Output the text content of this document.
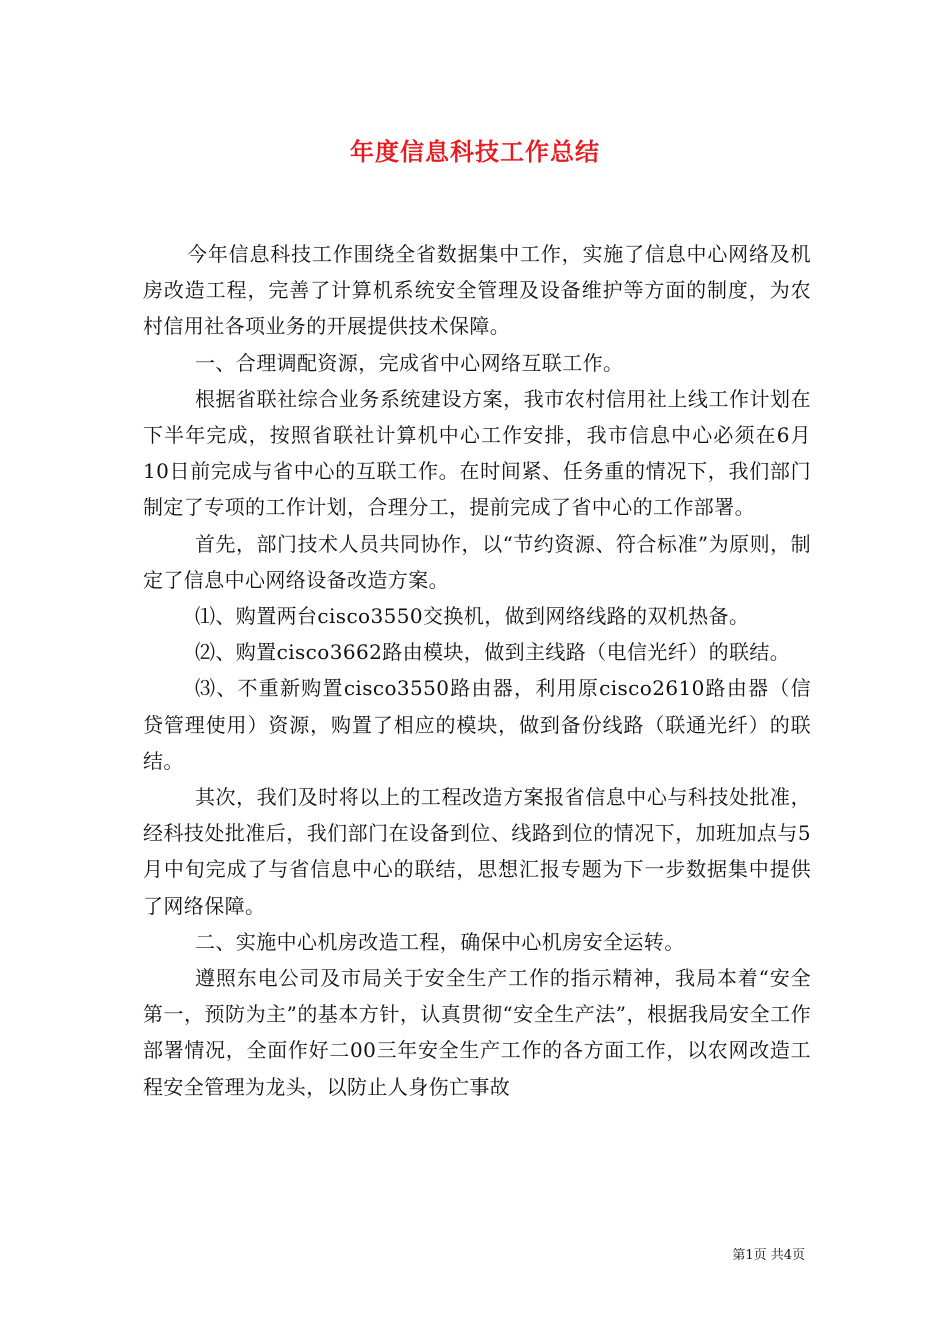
年度信息科技工作总结

今年信息科技工作围绕全省数据集中工作，实施了信息中心网络及机房改造工程，完善了计算机系统安全管理及设备维护等方面的制度，为农村信用社各项业务的开展提供技术保障。

一、合理调配资源，完成省中心网络互联工作。

根据省联社综合业务系统建设方案，我市农村信用社上线工作计划在下半年完成，按照省联社计算机中心工作安排，我市信息中心必须在6月10日前完成与省中心的互联工作。在时间紧、任务重的情况下，我们部门制定了专项的工作计划，合理分工，提前完成了省中心的工作部署。

首先，部门技术人员共同协作，以“节约资源、符合标准”为原则，制定了信息中心网络设备改造方案。

⑴、购置两台cisco3550交换机，做到网络线路的双机热备。

⑵、购置cisco3662路由模块，做到主线路（电信光纤）的联结。

⑶、不重新购置cisco3550路由器，利用原cisco2610路由器（信贷管理使用）资源，购置了相应的模块，做到备份线路（联通光纤）的联结。

其次，我们及时将以上的工程改造方案报省信息中心与科技处批准，经科技处批准后，我们部门在设备到位、线路到位的情况下，加班加点与5月中旬完成了与省信息中心的联结，思想汇报专题为下一步数据集中提供了网络保障。

二、实施中心机房改造工程，确保中心机房安全运转。

遵照东电公司及市局关于安全生产工作的指示精神，我局本着“安全第一，预防为主”的基本方针，认真贯彻“安全生产法”，根据我局安全工作部署情况，全面作好二00三年安全生产工作的各方面工作，以农网改造工程安全管理为龙头，以防止人身伤亡事故

第1页 共4页
